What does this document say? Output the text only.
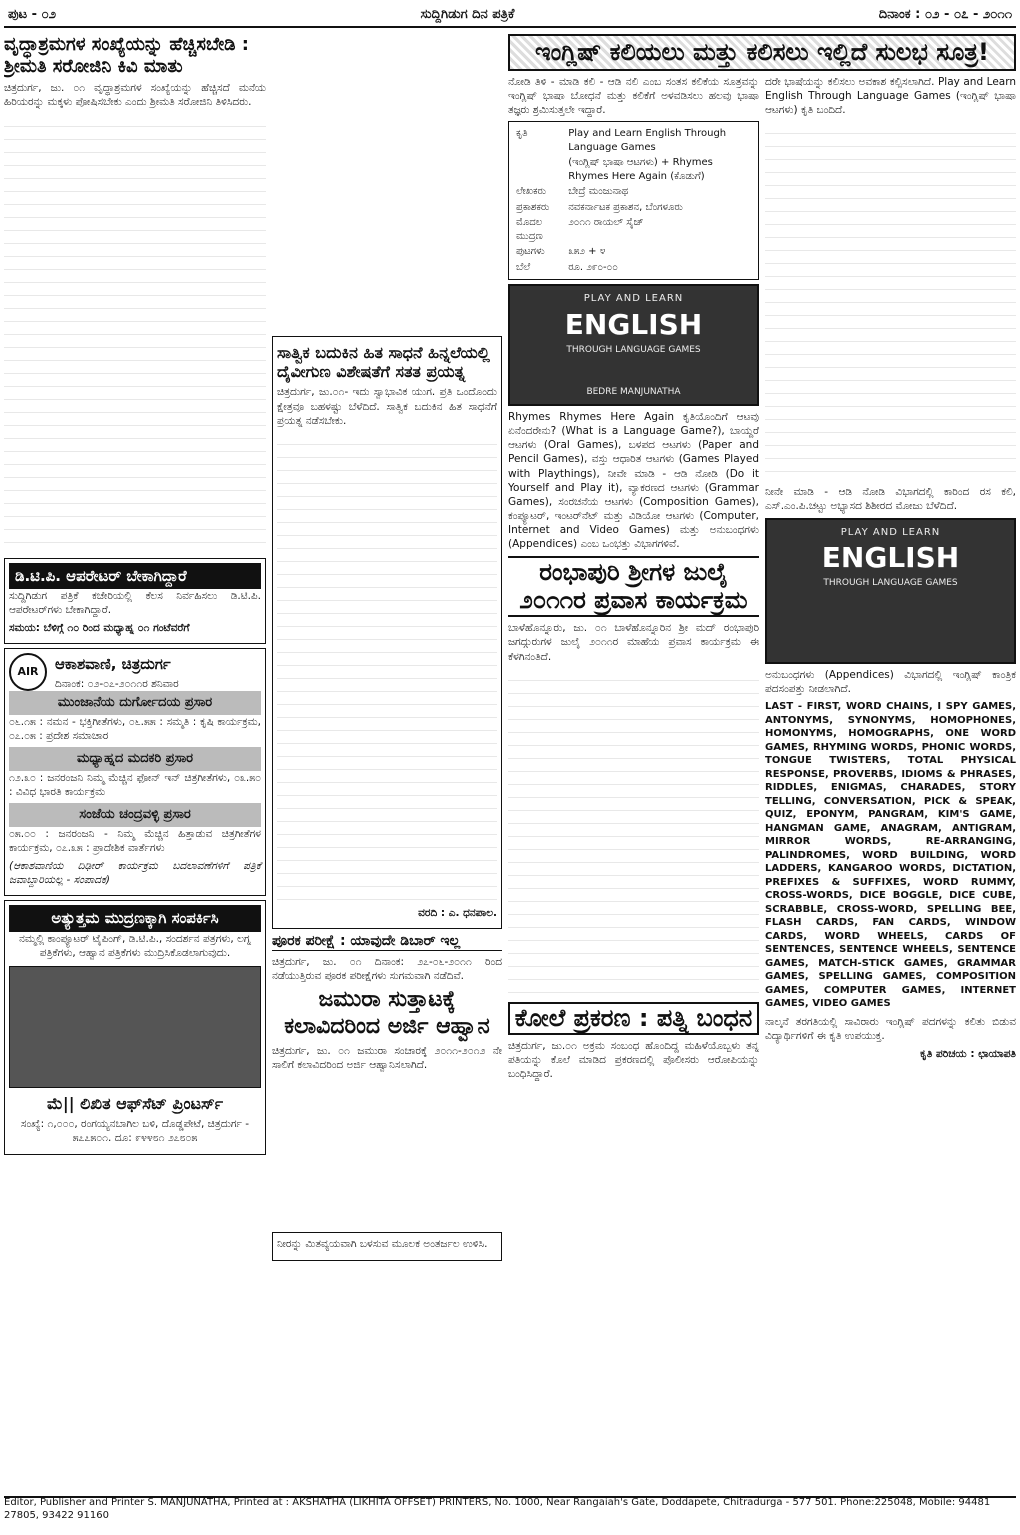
ಪುಟ - ೦೨	ಸುದ್ದಿಗಿಡುಗ ದಿನ ಪತ್ರಿಕೆ	ದಿನಾಂಕ : ೦೨ - ೦೭ - ೨೦೧೧
ವೃದ್ಧಾಶ್ರಮಗಳ ಸಂಖ್ಯೆಯನ್ನು ಹೆಚ್ಚಿಸಬೇಡಿ : ಶ್ರೀಮತಿ ಸರೋಜಿನಿ ಕಿವಿ ಮಾತು

ಚಿತ್ರದುರ್ಗ, ಜು. ೦೧ ವೃದ್ಧಾಶ್ರಮಗಳ ಸಂಖ್ಯೆಯನ್ನು ಹೆಚ್ಚಿಸದೆ ಮನೆಯ ಹಿರಿಯರನ್ನು ಮಕ್ಕಳು ಪೋಷಿಸಬೇಕು ಎಂದು ಶ್ರೀಮತಿ ಸರೋಜಿನಿ ತಿಳಿಸಿದರು.

ಡಿ.ಟಿ.ಪಿ. ಆಪರೇಟರ್ ಬೇಕಾಗಿದ್ದಾರೆ

ಸುದ್ದಿಗಿಡುಗ ಪತ್ರಿಕೆ ಕಚೇರಿಯಲ್ಲಿ ಕೆಲಸ ನಿರ್ವಹಿಸಲು ಡಿ.ಟಿ.ಪಿ. ಆಪರೇಟರ್‌ಗಳು ಬೇಕಾಗಿದ್ದಾರೆ.

ಸಮಯ: ಬೆಳಿಗ್ಗೆ ೧೦ ರಿಂದ ಮಧ್ಯಾಹ್ನ ೦೧ ಗಂಟೆವರೆಗೆ

AIR	ಆಕಾಶವಾಣಿ, ಚಿತ್ರದುರ್ಗ
ದಿನಾಂಕ: ೦೨-೦೭-೨೦೧೧ರ ಶನಿವಾರ
ಮುಂಜಾನೆಯ ದುರ್ಗೋದಯ ಪ್ರಸಾರ

೦೬.೧೫ : ನಮನ - ಭಕ್ತಿಗೀತೆಗಳು, ೦೬.೫೫ : ಸಮ್ಮತಿ : ಕೃಷಿ ಕಾರ್ಯಕ್ರಮ, ೦೭.೦೫ : ಪ್ರದೇಶ ಸಮಾಚಾರ

ಮಧ್ಯಾಹ್ನದ ಮದಕರಿ ಪ್ರಸಾರ

೧೨.೩೦ : ಜನರಂಜನಿ ನಿಮ್ಮ ಮೆಚ್ಚಿನ ಫೋನ್ ಇನ್ ಚಿತ್ರಗೀತೆಗಳು, ೦೩.೫೦ : ವಿವಿಧ ಭಾರತಿ ಕಾರ್ಯಕ್ರಮ

ಸಂಜೆಯ ಚಂದ್ರವಳ್ಳಿ ಪ್ರಸಾರ

೦೫.೦೦ : ಜನರಂಜನಿ - ನಿಮ್ಮ ಮೆಚ್ಚಿನ ಹಿತ್ತಾಡುವ ಚಿತ್ರಗೀತೆಗಳ ಕಾರ್ಯಕ್ರಮ, ೦೭.೩೫ : ಪ್ರಾದೇಶಿಕ ವಾರ್ತೆಗಳು

(ಆಕಾಶವಾಣಿಯ ದಿಢೀರ್ ಕಾರ್ಯಕ್ರಮ ಬದಲಾವಣೆಗಳಿಗೆ ಪತ್ರಿಕೆ ಜವಾಬ್ದಾರಿಯಲ್ಲ - ಸಂಪಾದಕ)

ಅತ್ಯುತ್ತಮ ಮುದ್ರಣಕ್ಕಾಗಿ ಸಂಪರ್ಕಿಸಿ

ನಮ್ಮಲ್ಲಿ ಕಾಂಪ್ಯೂಟರ್ ಟೈಪಿಂಗ್, ಡಿ.ಟಿ.ಪಿ., ಸಂದರ್ಶನ ಪತ್ರಗಳು, ಲಗ್ನ ಪತ್ರಿಕೆಗಳು, ಆಹ್ವಾನ ಪತ್ರಿಕೆಗಳು ಮುದ್ರಿಸಿಕೊಡಲಾಗುವುದು.

ಮೆ|| ಲಿಖಿತ ಆಫ್‌ಸೆಟ್ ಪ್ರಿಂಟರ್ಸ್

ಸಂಖ್ಯೆ: ೧,೦೦೦, ರಂಗಯ್ಯನಬಾಗಿಲ ಬಳಿ, ದೊಡ್ಡಪೇಟೆ, ಚಿತ್ರದುರ್ಗ - ೫೭೭೫೦೧. ದೂ: ೯೪೪೮೧ ೨೭೮೦೫

ಸಾತ್ವಿಕ ಬದುಕಿನ ಹಿತ ಸಾಧನೆ ಹಿನ್ನಲೆಯಲ್ಲಿ ದೈವೀಗುಣ ವಿಶೇಷತೆಗೆ ಸತತ ಪ್ರಯತ್ನ

ಚಿತ್ರದುರ್ಗ, ಜು.೦೧- ಇದು ಸ್ವಾಭಾವಿಕ ಯುಗ. ಪ್ರತಿ ಒಂದೊಂದು ಕ್ಷೇತ್ರವೂ ಬಹಳಷ್ಟು ಬೆಳೆದಿದೆ. ಸಾತ್ವಿಕ ಬದುಕಿನ ಹಿತ ಸಾಧನೆಗೆ ಪ್ರಯತ್ನ ನಡೆಸಬೇಕು.

ವರದಿ : ಎ. ಧನಪಾಲ.

ಪೂರಕ ಪರೀಕ್ಷೆ : ಯಾವುದೇ ಡಿಬಾರ್ ಇಲ್ಲ

ಚಿತ್ರದುರ್ಗ, ಜು. ೦೧ ದಿನಾಂಕ: ೨೭-೦೬-೨೦೧೧ ರಿಂದ ನಡೆಯುತ್ತಿರುವ ಪೂರಕ ಪರೀಕ್ಷೆಗಳು ಸುಗಮವಾಗಿ ನಡೆದಿವೆ.

ಜಮುರಾ ಸುತ್ತಾಟಕ್ಕೆ ಕಲಾವಿದರಿಂದ ಅರ್ಜಿ ಆಹ್ವಾನ

ಚಿತ್ರದುರ್ಗ, ಜು. ೦೧ ಜಮುರಾ ಸಂಚಾರಕ್ಕೆ ೨೦೧೧-೨೦೧೨ ನೇ ಸಾಲಿಗೆ ಕಲಾವಿದರಿಂದ ಅರ್ಜಿ ಆಹ್ವಾನಿಸಲಾಗಿದೆ.

ನೀರನ್ನು ಮಿತವ್ಯಯವಾಗಿ ಬಳಸುವ ಮೂಲಕ ಅಂತರ್ಜಲ ಉಳಿಸಿ.

ಇಂಗ್ಲಿಷ್ ಕಲಿಯಲು ಮತ್ತು ಕಲಿಸಲು ಇಲ್ಲಿದೆ ಸುಲಭ ಸೂತ್ರ!

ನೋಡಿ ತಿಳಿ - ಮಾಡಿ ಕಲಿ - ಆಡಿ ನಲಿ ಎಂಬ ಸಂತಸ ಕಲಿಕೆಯ ಸೂತ್ರವನ್ನು ಇಂಗ್ಲಿಷ್ ಭಾಷಾ ಬೋಧನೆ ಮತ್ತು ಕಲಿಕೆಗೆ ಅಳವಡಿಸಲು ಹಲವು ಭಾಷಾ ತಜ್ಞರು ಶ್ರಮಿಸುತ್ತಲೇ ಇದ್ದಾರೆ.

ಕೃತಿ	Play and Learn English Through Language Games
	(ಇಂಗ್ಲಿಷ್ ಭಾಷಾ ಆಟಗಳು) + Rhymes Rhymes Here Again (ಕೊಡುಗೆ)
ಲೇಖಕರು	ಬೇದ್ರೆ ಮಂಜುನಾಥ
ಪ್ರಕಾಶಕರು	ನವಕರ್ನಾಟಕ ಪ್ರಕಾಶನ, ಬೆಂಗಳೂರು
ಮೊದಲ ಮುದ್ರಣ	೨೦೧೧ ರಾಯಲ್ ಸೈಜ್
ಪುಟಗಳು	೩೫೨ + ೪
ಬೆಲೆ	ರೂ. ೨೯೦-೦೦
PLAY AND LEARN
ENGLISH
THROUGH LANGUAGE GAMES
BEDRE MANJUNATHA

Rhymes Rhymes Here Again ಕೃತಿಯೊಂದಿಗೆ ಆಟವು ಏನೆಂದರೇನು? (What is a Language Game?), ಬಾಯ್ದರೆ ಆಟಗಳು (Oral Games), ಬಳಪದ ಆಟಗಳು (Paper and Pencil Games), ವಸ್ತು ಆಧಾರಿತ ಆಟಗಳು (Games Played with Playthings), ನೀವೇ ಮಾಡಿ - ಆಡಿ ನೋಡಿ (Do it Yourself and Play it), ವ್ಯಾಕರಣದ ಆಟಗಳು (Grammar Games), ಸಂರಚನೆಯ ಆಟಗಳು (Composition Games), ಕಂಪ್ಯೂಟರ್, ಇಂಟರ್‌ನೆಟ್ ಮತ್ತು ವಿಡಿಯೋ ಆಟಗಳು (Computer, Internet and Video Games) ಮತ್ತು ಅನುಬಂಧಗಳು (Appendices) ಎಂಬ ಒಂಭತ್ತು ವಿಭಾಗಗಳಿವೆ.

ರಂಭಾಪುರಿ ಶ್ರೀಗಳ ಜುಲೈ ೨೦೧೧ರ ಪ್ರವಾಸ ಕಾರ್ಯಕ್ರಮ

ಬಾಳೆಹೊನ್ನೂರು, ಜು. ೦೧ ಬಾಳೆಹೊನ್ನೂರಿನ ಶ್ರೀ ಮದ್ ರಂಭಾಪುರಿ ಜಗದ್ಗುರುಗಳ ಜುಲೈ ೨೦೧೧ರ ಮಾಹೆಯ ಪ್ರವಾಸ ಕಾರ್ಯಕ್ರಮ ಈ ಕೆಳಗಿನಂತಿದೆ.

ಕೋಲೆ ಪ್ರಕರಣ : ಪತ್ನಿ ಬಂಧನ

ಚಿತ್ರದುರ್ಗ, ಜು.೦೧ ಅಕ್ರಮ ಸಂಬಂಧ ಹೊಂದಿದ್ದ ಮಹಿಳೆಯೊಬ್ಬಳು ತನ್ನ ಪತಿಯನ್ನು ಕೊಲೆ ಮಾಡಿದ ಪ್ರಕರಣದಲ್ಲಿ ಪೊಲೀಸರು ಆರೋಪಿಯನ್ನು ಬಂಧಿಸಿದ್ದಾರೆ.

ದರೇ ಭಾಷೆಯನ್ನು ಕಲಿಸಲು ಅವಕಾಶ ಕಲ್ಪಿಸಲಾಗಿದೆ. Play and Learn English Through Language Games (ಇಂಗ್ಲಿಷ್ ಭಾಷಾ ಆಟಗಳು) ಕೃತಿ ಬಂದಿದೆ.

ನೀನೇ ಮಾಡಿ - ಆಡಿ ನೋಡಿ ವಿಭಾಗದಲ್ಲಿ ಕಾರಿಂದ ರಸ ಕಲಿ, ಎಸ್.ಎಂ.ಪಿ.ಚಟ್ಟು ಅಭ್ಯಾಸದ ಶಿಶೀರದ ಮೋಜು ಬೆಳೆದಿದೆ.

PLAY AND LEARN
ENGLISH
THROUGH LANGUAGE GAMES

ಅನುಬಂಧಗಳು (Appendices) ವಿಭಾಗದಲ್ಲಿ ಇಂಗ್ಲಿಷ್ ಕಾಂತ್ರಿಕ ಪದಸಂಪತ್ತು ನೀಡಲಾಗಿದೆ.

LAST - FIRST, WORD CHAINS, I SPY GAMES, ANTONYMS, SYNONYMS, HOMOPHONES, HOMONYMS, HOMOGRAPHS, ONE WORD GAMES, RHYMING WORDS, PHONIC WORDS, TONGUE TWISTERS, TOTAL PHYSICAL RESPONSE, PROVERBS, IDIOMS & PHRASES, RIDDLES, ENIGMAS, CHARADES, STORY TELLING, CONVERSATION, PICK & SPEAK, QUIZ, EPONYM, PANGRAM, KIM'S GAME, HANGMAN GAME, ANAGRAM, ANTIGRAM, MIRROR WORDS, RE-ARRANGING, PALINDROMES, WORD BUILDING, WORD LADDERS, KANGAROO WORDS, DICTATION, PREFIXES & SUFFIXES, WORD RUMMY, CROSS-WORDS, DICE BOGGLE, DICE CUBE, SCRABBLE, CROSS-WORD, SPELLING BEE, FLASH CARDS, FAN CARDS, WINDOW CARDS, WORD WHEELS, CARDS OF SENTENCES, SENTENCE WHEELS, SENTENCE GAMES, MATCH-STICK GAMES, GRAMMAR GAMES, SPELLING GAMES, COMPOSITION GAMES, COMPUTER GAMES, INTERNET GAMES, VIDEO GAMES

ನಾಲ್ಕನೆ ತರಗತಿಯಲ್ಲಿ ಸಾವಿರಾರು ಇಂಗ್ಲಿಷ್ ಪದಗಳನ್ನು ಕಲಿತು ಬಿಡುವ ವಿದ್ಯಾರ್ಥಿಗಳಿಗೆ ಈ ಕೃತಿ ಉಪಯುಕ್ತ.

ಕೃತಿ ಪರಿಚಯ : ಛಾಯಾಪತಿ

Editor, Publisher and Printer S. MANJUNATHA, Printed at : AKSHATHA (LIKHITA OFFSET) PRINTERS, No. 1000, Near Rangaiah's Gate, Doddapete, Chitradurga - 577 501. Phone:225048, Mobile: 94481 27805, 93422 91160
